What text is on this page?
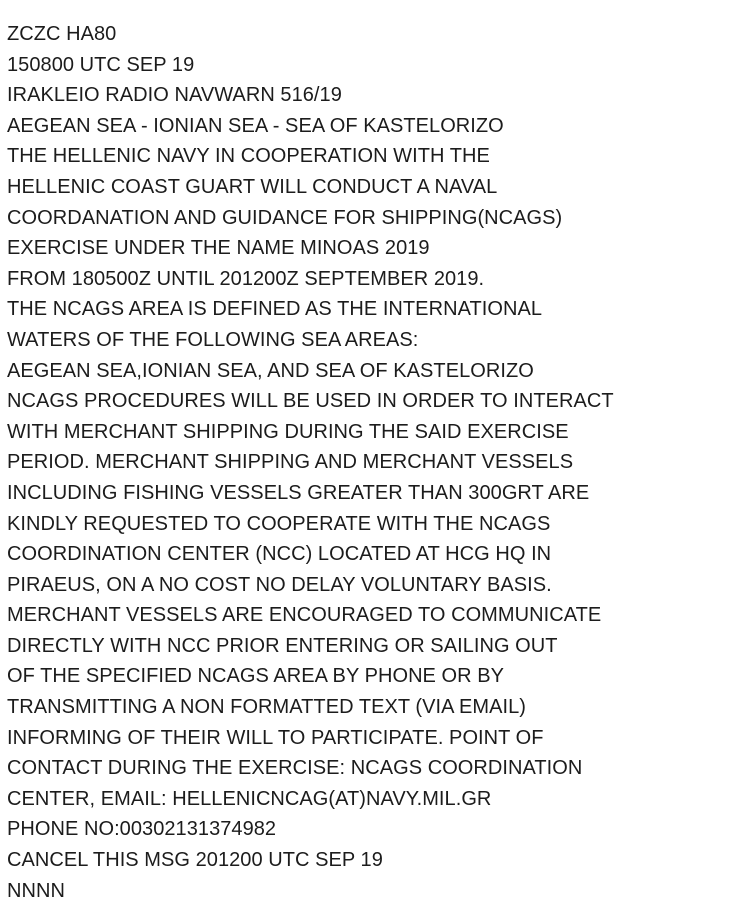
ZCZC HA80
150800 UTC SEP 19
IRAKLEIO RADIO NAVWARN 516/19
AEGEAN SEA - IONIAN SEA - SEA OF KASTELORIZO
THE HELLENIC NAVY IN COOPERATION WITH THE
HELLENIC COAST GUART WILL CONDUCT A NAVAL
COORDANATION AND GUIDANCE FOR SHIPPING(NCAGS)
EXERCISE UNDER THE NAME MINOAS 2019
FROM 180500Z UNTIL 201200Z SEPTEMBER 2019.
THE NCAGS AREA IS DEFINED AS THE INTERNATIONAL
WATERS OF THE FOLLOWING SEA AREAS:
AEGEAN SEA,IONIAN SEA, AND SEA OF KASTELORIZO
NCAGS PROCEDURES WILL BE USED IN ORDER TO INTERACT
WITH MERCHANT SHIPPING DURING THE SAID EXERCISE
PERIOD. MERCHANT SHIPPING AND MERCHANT VESSELS
INCLUDING FISHING VESSELS GREATER THAN 300GRT ARE
KINDLY REQUESTED TO COOPERATE WITH THE NCAGS
COORDINATION CENTER (NCC) LOCATED AT HCG HQ IN
PIRAEUS, ON A NO COST NO DELAY VOLUNTARY BASIS.
MERCHANT VESSELS ARE ENCOURAGED TO COMMUNICATE
DIRECTLY WITH NCC PRIOR ENTERING OR SAILING OUT
OF THE SPECIFIED NCAGS AREA BY PHONE OR BY
TRANSMITTING A NON FORMATTED TEXT (VIA EMAIL)
INFORMING OF THEIR WILL TO PARTICIPATE. POINT OF
CONTACT DURING THE EXERCISE: NCAGS COORDINATION
CENTER, EMAIL: HELLENICNCAG(AT)NAVY.MIL.GR
PHONE NO:00302131374982
CANCEL THIS MSG 201200 UTC SEP 19
NNNN
